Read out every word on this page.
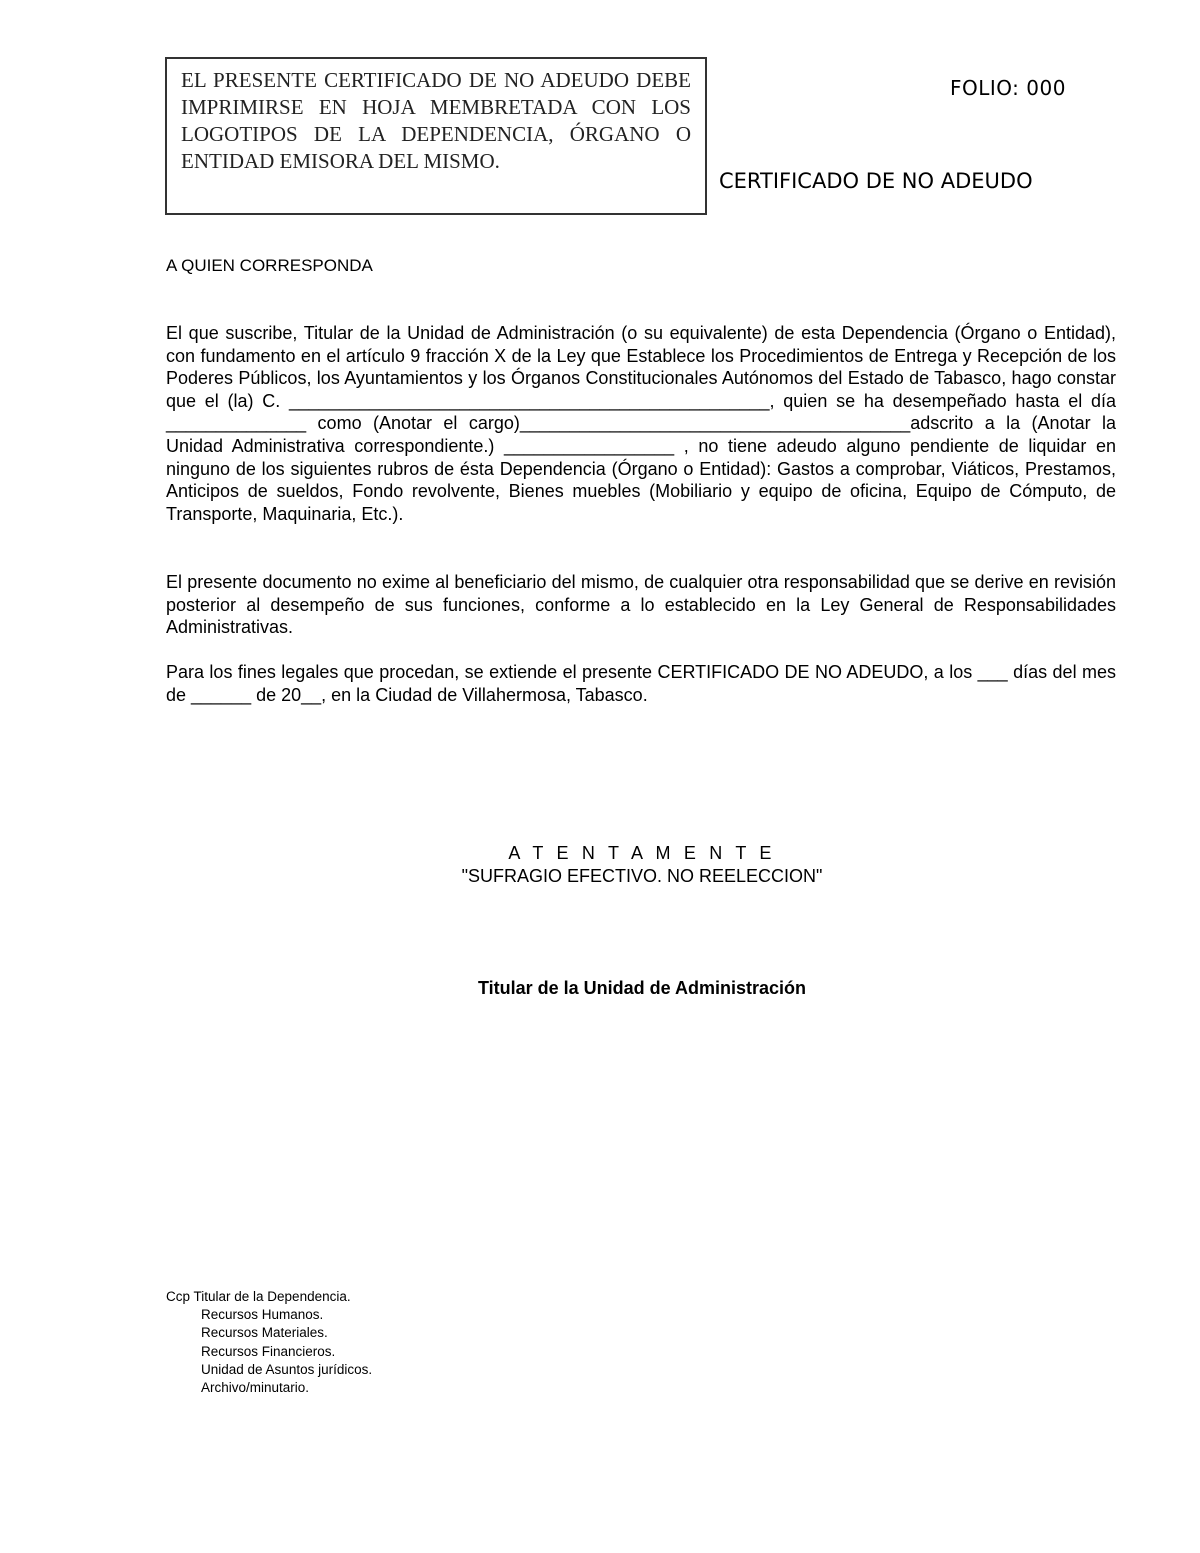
EL PRESENTE CERTIFICADO DE NO ADEUDO DEBE IMPRIMIRSE EN HOJA MEMBRETADA CON LOS LOGOTIPOS DE LA DEPENDENCIA, ÓRGANO O ENTIDAD EMISORA DEL MISMO.
FOLIO: 000
CERTIFICADO DE NO ADEUDO
A QUIEN CORRESPONDA

El que suscribe, Titular de la Unidad de Administración (o su equivalente) de esta Dependencia (Órgano o Entidad), con fundamento en el artículo 9 fracción X de la Ley que Establece los Procedimientos de Entrega y Recepción de los Poderes Públicos, los Ayuntamientos y los Órganos Constitucionales Autónomos del Estado de Tabasco, hago constar que el (la) C. ________________________________________________, quien se ha desempeñado hasta el día ______________ como (Anotar el cargo)_______________________________________adscrito a la (Anotar la Unidad Administrativa correspondiente.) _________________ , no tiene adeudo alguno pendiente de liquidar en ninguno de los siguientes rubros de ésta Dependencia (Órgano o Entidad): Gastos a comprobar, Viáticos, Prestamos, Anticipos de sueldos, Fondo revolvente, Bienes muebles (Mobiliario y equipo de oficina, Equipo de Cómputo, de Transporte, Maquinaria, Etc.).

El presente documento no exime al beneficiario del mismo, de cualquier otra responsabilidad que se derive en revisión posterior al desempeño de sus funciones, conforme a lo establecido en la Ley General de Responsabilidades Administrativas.

Para los fines legales que procedan, se extiende el presente CERTIFICADO DE NO ADEUDO, a los ___ días del mes de ______ de 20__, en la Ciudad de Villahermosa, Tabasco.

A T E N T A M E N T E
"SUFRAGIO EFECTIVO. NO REELECCION"
Titular de la Unidad de Administración
Ccp Titular de la Dependencia.
Recursos Humanos.
Recursos Materiales.
Recursos Financieros.
Unidad de Asuntos jurídicos.
Archivo/minutario.
